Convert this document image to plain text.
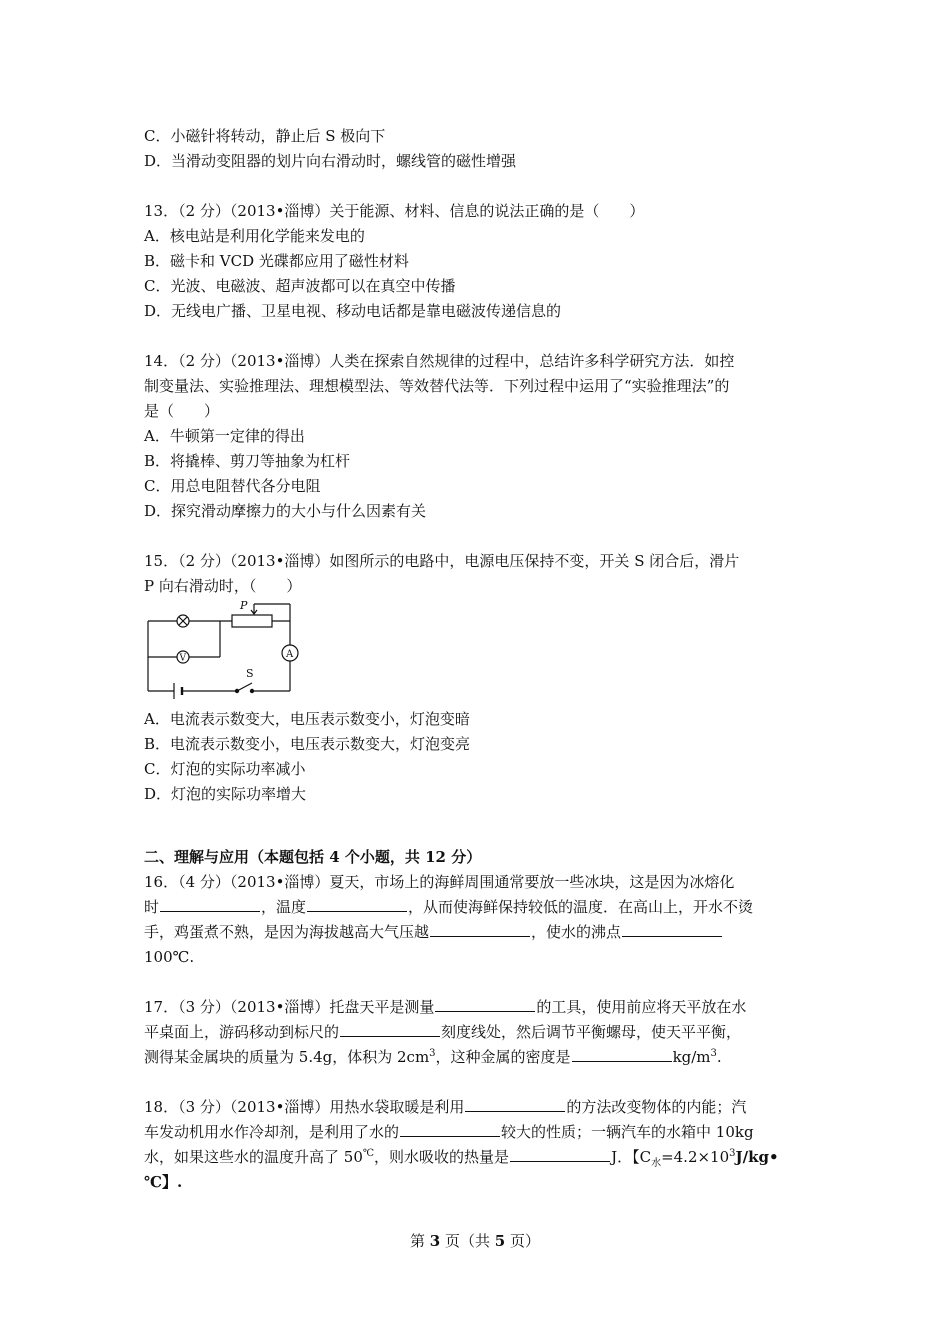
C．小磁针将转动，静止后 S 极向下
D．当滑动变阻器的划片向右滑动时，螺线管的磁性增强
13．（2 分）（2013•淄博）关于能源、材料、信息的说法正确的是（　　）
A．核电站是利用化学能来发电的
B．磁卡和 VCD 光碟都应用了磁性材料
C．光波、电磁波、超声波都可以在真空中传播
D．无线电广播、卫星电视、移动电话都是靠电磁波传递信息的
14．（2 分）（2013•淄博）人类在探索自然规律的过程中，总结许多科学研究方法．如控
制变量法、实验推理法、理想模型法、等效替代法等．下列过程中运用了“实验推理法”的
是（　　）
A．牛顿第一定律的得出
B．将撬棒、剪刀等抽象为杠杆
C．用总电阻替代各分电阻
D．探究滑动摩擦力的大小与什么因素有关
15．（2 分）（2013•淄博）如图所示的电路中，电源电压保持不变，开关 S 闭合后，滑片
P 向右滑动时，（　　）
S
V
P
A
A．电流表示数变大，电压表示数变小，灯泡变暗
B．电流表示数变小，电压表示数变大，灯泡变亮
C．灯泡的实际功率减小
D．灯泡的实际功率增大
二、理解与应用（本题包括 4 个小题，共 12 分）
16．（4 分）（2013•淄博）夏天，市场上的海鲜周围通常要放一些冰块，这是因为冰熔化
时	，温度	，从而使海鲜保持较低的温度．在高山上，开水不烫
手，鸡蛋煮不熟，是因为海拔越高大气压越	，使水的沸点
100℃.
17．（3 分）（2013•淄博）托盘天平是测量	的工具，使用前应将天平放在水
平桌面上，游码移动到标尺的	刻度线处，然后调节平衡螺母，使天平平衡，
测得某金属块的质量为 5.4g，体积为 $2cm^3$，这种金属的密度是	$kg/m^3$.
18．（3 分）（2013•淄博）用热水袋取暖是利用	的方法改变物体的内能；汽
车发动机用水作冷却剂，是利用了水的	较大的性质；一辆汽车的水箱中 10kg
水，如果这些水的温度升高了 50℃，则水吸收的热量是	J．【$C_水=4.2\times 10^3J/kg•$
℃】.
第 3 页（共 5 页）
